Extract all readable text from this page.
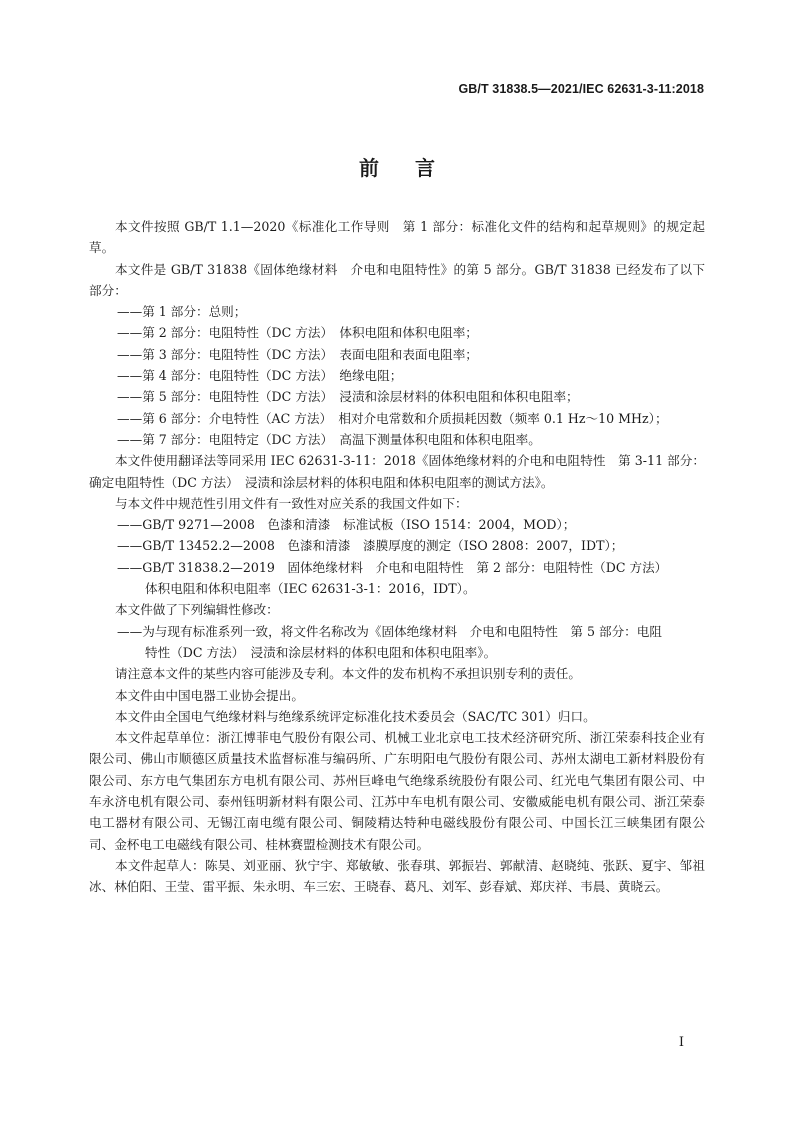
GB/T 31838.5—2021/IEC 62631-3-11:2018
前言

本文件按照 GB/T 1.1—2020《标准化工作导则　第 1 部分：标准化文件的结构和起草规则》的规定起草。

本文件是 GB/T 31838《固体绝缘材料　介电和电阻特性》的第 5 部分。GB/T 31838 已经发布了以下部分：

——第 1 部分：总则；
——第 2 部分：电阻特性（DC 方法）　体积电阻和体积电阻率；
——第 3 部分：电阻特性（DC 方法）　表面电阻和表面电阻率；
——第 4 部分：电阻特性（DC 方法）　绝缘电阻；
——第 5 部分：电阻特性（DC 方法）　浸渍和涂层材料的体积电阻和体积电阻率；
——第 6 部分：介电特性（AC 方法）　相对介电常数和介质损耗因数（频率 0.1 Hz～10 MHz）；
——第 7 部分：电阻特定（DC 方法）　高温下测量体积电阻和体积电阻率。

本文件使用翻译法等同采用 IEC 62631-3-11：2018《固体绝缘材料的介电和电阻特性　第 3-11 部分：确定电阻特性（DC 方法）　浸渍和涂层材料的体积电阻和体积电阻率的测试方法》。

与本文件中规范性引用文件有一致性对应关系的我国文件如下：

——GB/T 9271—2008　色漆和清漆　标准试板（ISO 1514：2004，MOD）；
——GB/T 13452.2—2008　色漆和清漆　漆膜厚度的测定（ISO 2808：2007，IDT）；
——GB/T 31838.2—2019　固体绝缘材料　介电和电阻特性　第 2 部分：电阻特性（DC 方法）
体积电阻和体积电阻率（IEC 62631-3-1：2016，IDT）。

本文件做了下列编辑性修改：

——为与现有标准系列一致，将文件名称改为《固体绝缘材料　介电和电阻特性　第 5 部分：电阻
特性（DC 方法）　浸渍和涂层材料的体积电阻和体积电阻率》。

请注意本文件的某些内容可能涉及专利。本文件的发布机构不承担识别专利的责任。

本文件由中国电器工业协会提出。

本文件由全国电气绝缘材料与绝缘系统评定标准化技术委员会（SAC/TC 301）归口。

本文件起草单位：浙江博菲电气股份有限公司、机械工业北京电工技术经济研究所、浙江荣泰科技企业有限公司、佛山市顺德区质量技术监督标准与编码所、广东明阳电气股份有限公司、苏州太湖电工新材料股份有限公司、东方电气集团东方电机有限公司、苏州巨峰电气绝缘系统股份有限公司、红光电气集团有限公司、中车永济电机有限公司、泰州钰明新材料有限公司、江苏中车电机有限公司、安徽威能电机有限公司、浙江荣泰电工器材有限公司、无锡江南电缆有限公司、铜陵精达特种电磁线股份有限公司、中国长江三峡集团有限公司、金杯电工电磁线有限公司、桂林赛盟检测技术有限公司。

本文件起草人：陈昊、刘亚丽、狄宁宇、郑敏敏、张春琪、郭振岩、郭献清、赵晓纯、张跃、夏宇、邹祖冰、林伯阳、王莹、雷平振、朱永明、车三宏、王晓春、葛凡、刘军、彭春斌、郑庆祥、韦晨、黄晓云。

I
